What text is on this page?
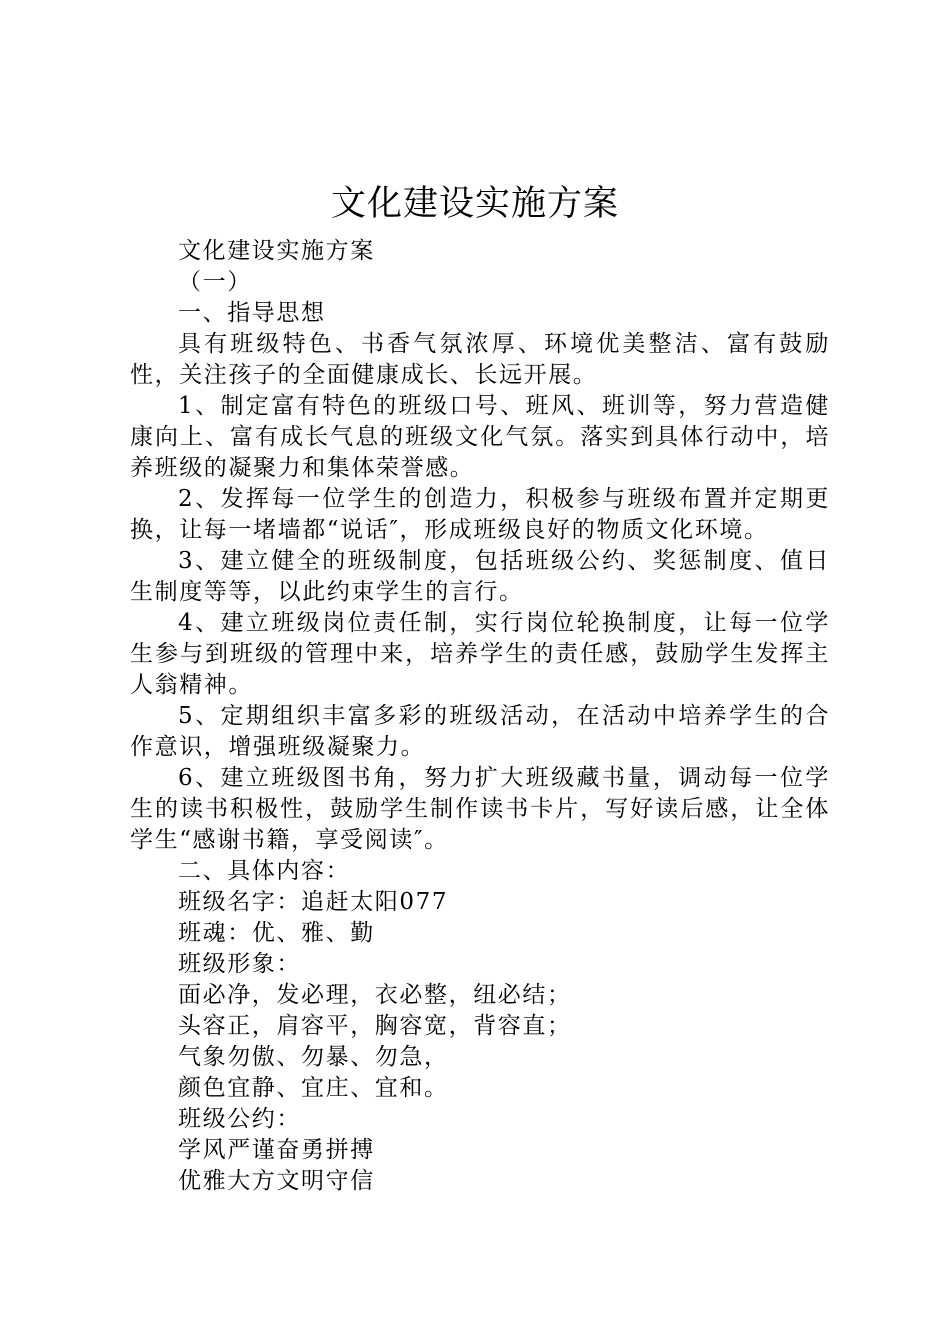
文化建设实施方案

文化建设实施方案

（一）

一、指导思想

具有班级特色、书香气氛浓厚、环境优美整洁、富有鼓励性，关注孩子的全面健康成长、长远开展。

1、制定富有特色的班级口号、班风、班训等，努力营造健康向上、富有成长气息的班级文化气氛。落实到具体行动中，培养班级的凝聚力和集体荣誉感。

2、发挥每一位学生的创造力，积极参与班级布置并定期更换，让每一堵墙都“说话″，形成班级良好的物质文化环境。

3、建立健全的班级制度，包括班级公约、奖惩制度、值日生制度等等，以此约束学生的言行。

4、建立班级岗位责任制，实行岗位轮换制度，让每一位学生参与到班级的管理中来，培养学生的责任感，鼓励学生发挥主人翁精神。

5、定期组织丰富多彩的班级活动，在活动中培养学生的合作意识，增强班级凝聚力。

6、建立班级图书角，努力扩大班级藏书量，调动每一位学生的读书积极性，鼓励学生制作读书卡片，写好读后感，让全体学生“感谢书籍，享受阅读″。

二、具体内容：

班级名字：追赶太阳077

班魂：优、雅、勤

班级形象：

面必净，发必理，衣必整，纽必结；

头容正，肩容平，胸容宽，背容直；

气象勿傲、勿暴、勿急，

颜色宜静、宜庄、宜和。

班级公约：

学风严谨奋勇拼搏

优雅大方文明守信
